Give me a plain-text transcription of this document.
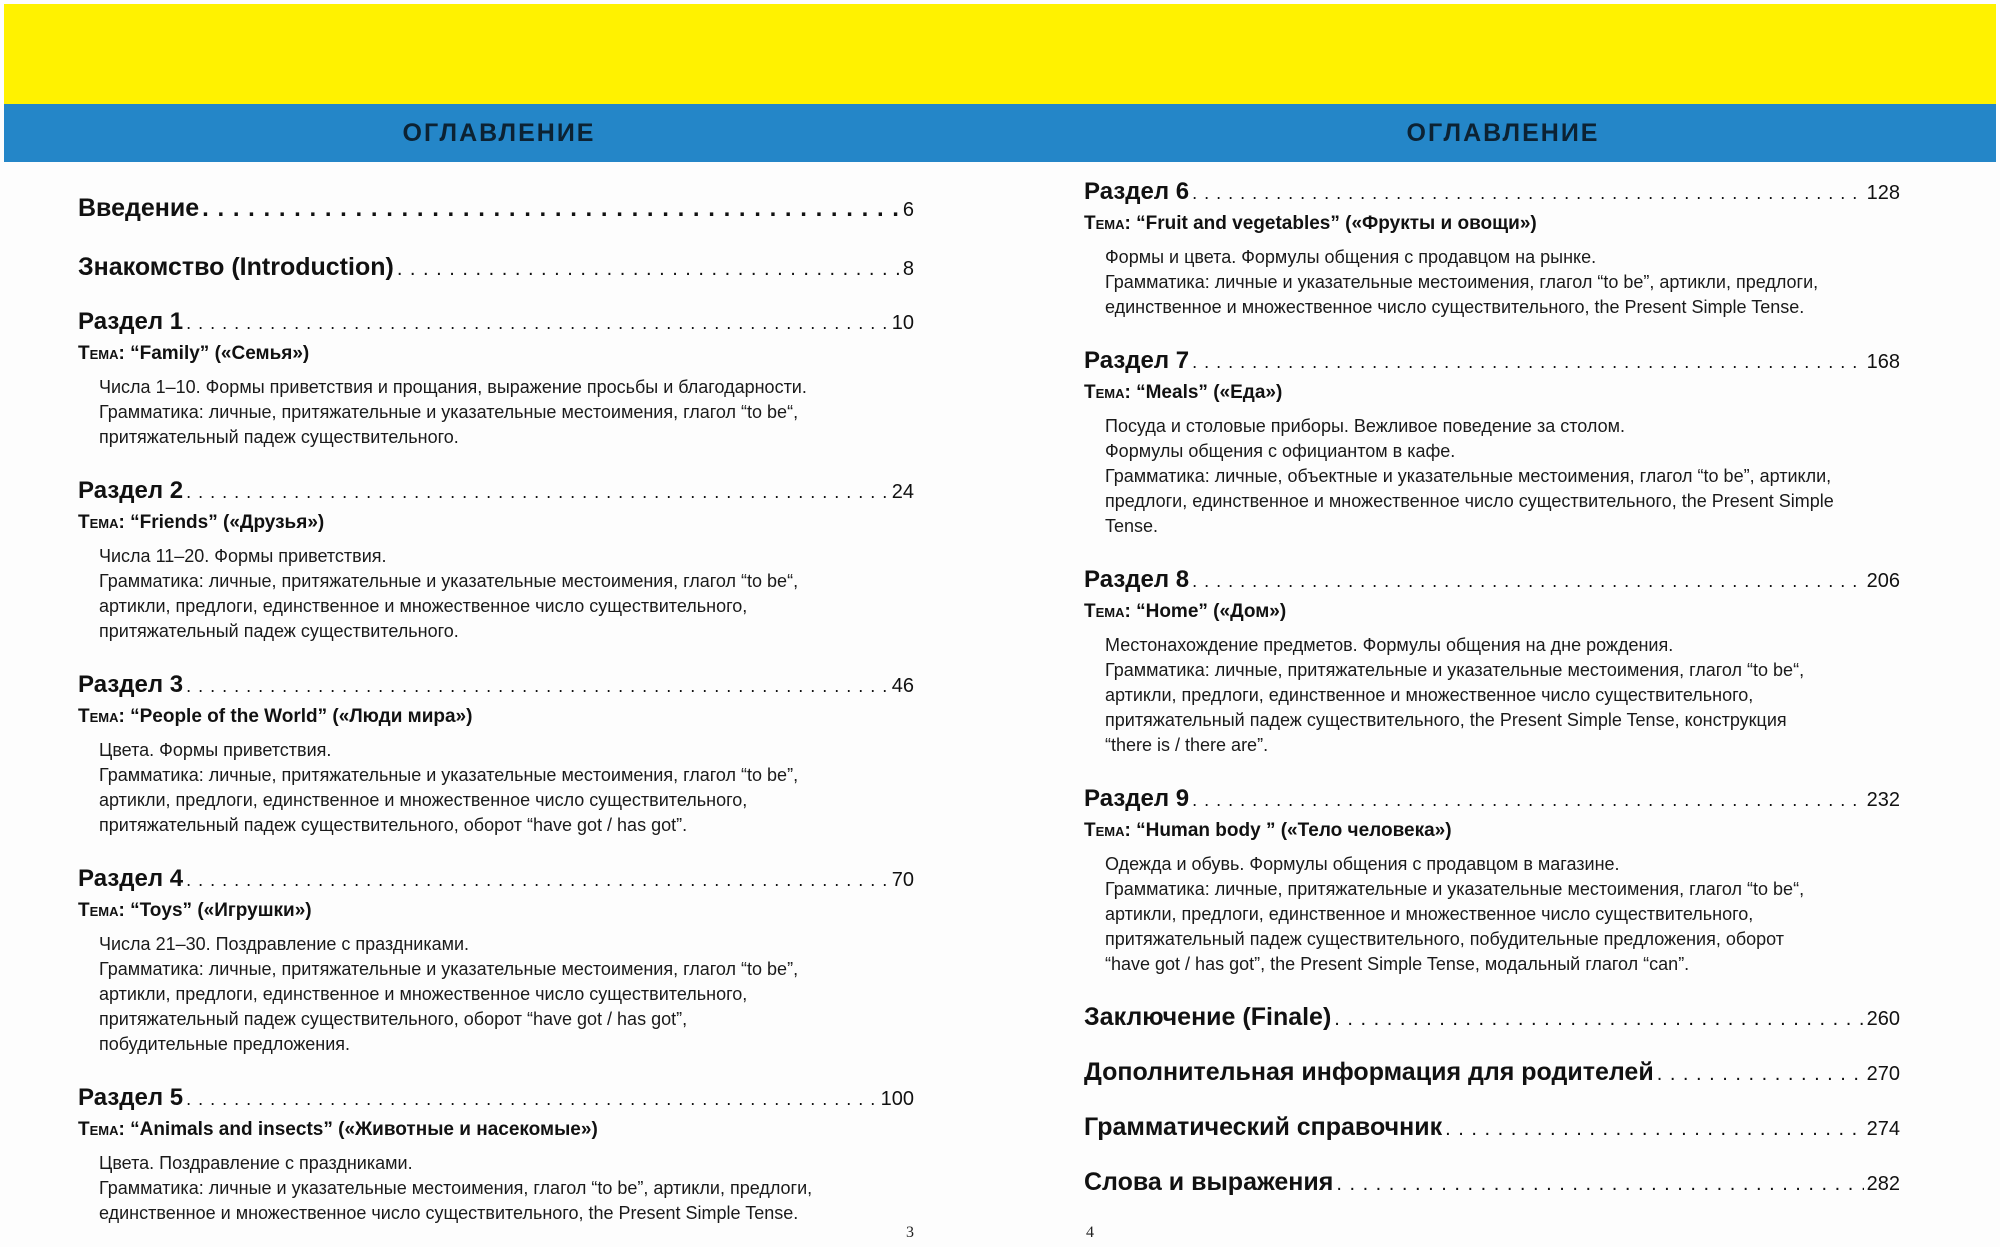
ОГЛАВЛЕНИЕ	ОГЛАВЛЕНИЕ
Введение . . .	6
Знакомство (Introduction) . . .	8
Раздел 1 . . .	10
Тема: “Family” («Семья»)
Числа 1–10. Формы приветствия и прощания, выражение просьбы и благодарности.
Грамматика: личные, притяжательные и указательные местоимения, глагол “to be“,
притяжательный падеж существительного.
Раздел 2 . . .	24
Тема: “Friends” («Друзья»)
Числа 11–20. Формы приветствия.
Грамматика: личные, притяжательные и указательные местоимения, глагол “to be“,
артикли, предлоги, единственное и множественное число существительного,
притяжательный падеж существительного.
Раздел 3 . . .	46
Тема: “People of the World” («Люди мира»)
Цвета. Формы приветствия.
Грамматика: личные, притяжательные и указательные местоимения, глагол “to be”,
артикли, предлоги, единственное и множественное число существительного,
притяжательный падеж существительного, оборот “have got / has got”.
Раздел 4 . . .	70
Тема: “Toys” («Игрушки»)
Числа 21–30. Поздравление с праздниками.
Грамматика: личные, притяжательные и указательные местоимения, глагол “to be”,
артикли, предлоги, единственное и множественное число существительного,
притяжательный падеж существительного, оборот “have got / has got”,
побудительные предложения.
Раздел 5 . . .	100
Тема: “Animals and insects” («Животные и насекомые»)
Цвета. Поздравление с праздниками.
Грамматика: личные и указательные местоимения, глагол “to be”, артикли, предлоги,
единственное и множественное число существительного, the Present Simple Tense.
Раздел 6 . . .	128
Тема: “Fruit and vegetables” («Фрукты и овощи»)
Формы и цвета. Формулы общения с продавцом на рынке.
Грамматика: личные и указательные местоимения, глагол “to be”, артикли, предлоги,
единственное и множественное число существительного, the Present Simple Tense.
Раздел 7 . . .	168
Тема: “Meals” («Еда»)
Посуда и столовые приборы. Вежливое поведение за столом.
Формулы общения с официантом в кафе.
Грамматика: личные, объектные и указательные местоимения, глагол “to be”, артикли,
предлоги, единственное и множественное число существительного, the Present Simple
Tense.
Раздел 8 . . .	206
Тема: “Home” («Дом»)
Местонахождение предметов. Формулы общения на дне рождения.
Грамматика: личные, притяжательные и указательные местоимения, глагол “to be“,
артикли, предлоги, единственное и множественное число существительного,
притяжательный падеж существительного, the Present Simple Tense, конструкция
“there is / there are”.
Раздел 9 . . .	232
Тема: “Human body ” («Тело человека»)
Одежда и обувь. Формулы общения с продавцом в магазине.
Грамматика: личные, притяжательные и указательные местоимения, глагол “to be“,
артикли, предлоги, единственное и множественное число существительного,
притяжательный падеж существительного, побудительные предложения, оборот
“have got / has got”, the Present Simple Tense, модальный глагол “can”.
Заключение (Finale) . . .	260
Дополнительная информация для родителей . . .	270
Грамматический справочник . . .	274
Слова и выражения . . .	282
3	4
